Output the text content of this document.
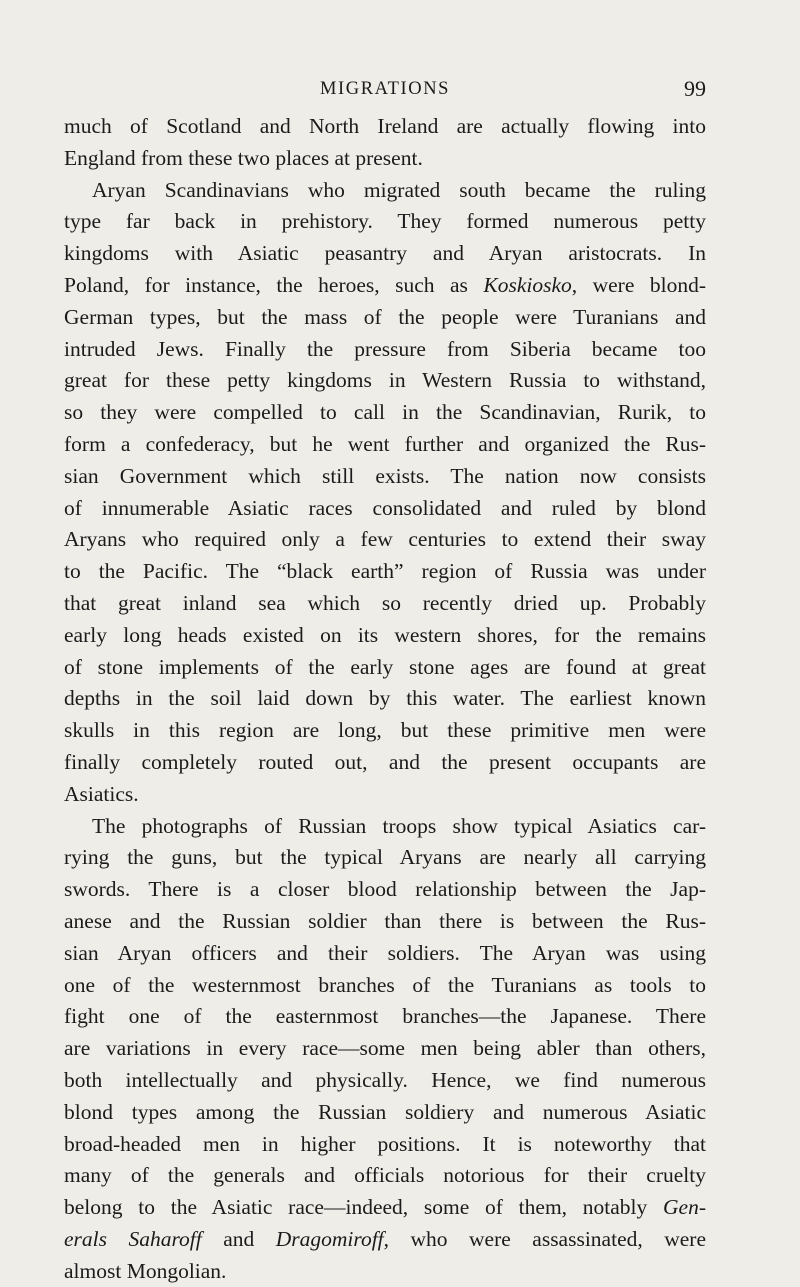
MIGRATIONS	99
much of Scotland and North Ireland are actually flowing into
England from these two places at present.
Aryan Scandinavians who migrated south became the ruling
type far back in prehistory. They formed numerous petty
kingdoms with Asiatic peasantry and Aryan aristocrats. In
Poland, for instance, the heroes, such as Koskiosko, were blond-
German types, but the mass of the people were Turanians and
intruded Jews. Finally the pressure from Siberia became too
great for these petty kingdoms in Western Russia to withstand,
so they were compelled to call in the Scandinavian, Rurik, to
form a confederacy, but he went further and organized the Rus-
sian Government which still exists. The nation now consists
of innumerable Asiatic races consolidated and ruled by blond
Aryans who required only a few centuries to extend their sway
to the Pacific. The “black earth” region of Russia was under
that great inland sea which so recently dried up. Probably
early long heads existed on its western shores, for the remains
of stone implements of the early stone ages are found at great
depths in the soil laid down by this water. The earliest known
skulls in this region are long, but these primitive men were
finally completely routed out, and the present occupants are
Asiatics.
The photographs of Russian troops show typical Asiatics car-
rying the guns, but the typical Aryans are nearly all carrying
swords. There is a closer blood relationship between the Jap-
anese and the Russian soldier than there is between the Rus-
sian Aryan officers and their soldiers. The Aryan was using
one of the westernmost branches of the Turanians as tools to
fight one of the easternmost branches—the Japanese. There
are variations in every race—some men being abler than others,
both intellectually and physically. Hence, we find numerous
blond types among the Russian soldiery and numerous Asiatic
broad-headed men in higher positions. It is noteworthy that
many of the generals and officials notorious for their cruelty
belong to the Asiatic race—indeed, some of them, notably Gen-
erals Saharoff and Dragomiroff, who were assassinated, were
almost Mongolian.
